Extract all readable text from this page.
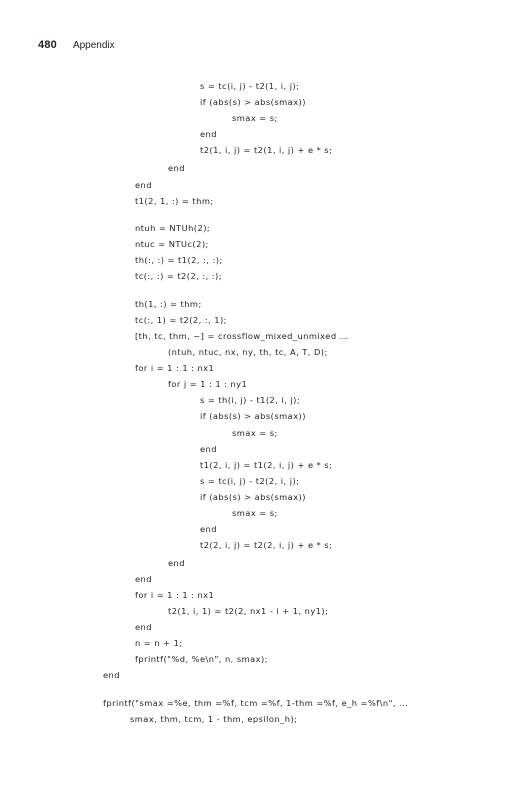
480 Appendix
s = tc(i, j) - t2(1, i, j);
if (abs(s) > abs(smax))
smax = s;
end
t2(1, i, j) = t2(1, i, j) + e * s;
end
end
t1(2, 1, :) = thm;
ntuh = NTUh(2);
ntuc = NTUc(2);
th(:, :) = t1(2, :, :);
tc(:, :) = t2(2, :, :);
th(1, :) = thm;
tc(:, 1) = t2(2, :, 1);
[th, tc, thm, ~] = crossflow_mixed_unmixed ...
(ntuh, ntuc, nx, ny, th, tc, A, T, D);
for i = 1 : 1 : nx1
for j = 1 : 1 : ny1
s = th(i, j) - t1(2, i, j);
if (abs(s) > abs(smax))
smax = s;
end
t1(2, i, j) = t1(2, i, j) + e * s;
s = tc(i, j) - t2(2, i, j);
if (abs(s) > abs(smax))
smax = s;
end
t2(2, i, j) = t2(2, i, j) + e * s;
end
end
for i = 1 : 1 : nx1
t2(1, i, 1) = t2(2, nx1 - i + 1, ny1);
end
n = n + 1;
fprintf("%d, %e\n", n, smax);
end
fprintf("smax =%e, thm =%f, tcm =%f, 1-thm =%f, e_h =%f\n", ...
smax, thm, tcm, 1 - thm, epsilon_h);
